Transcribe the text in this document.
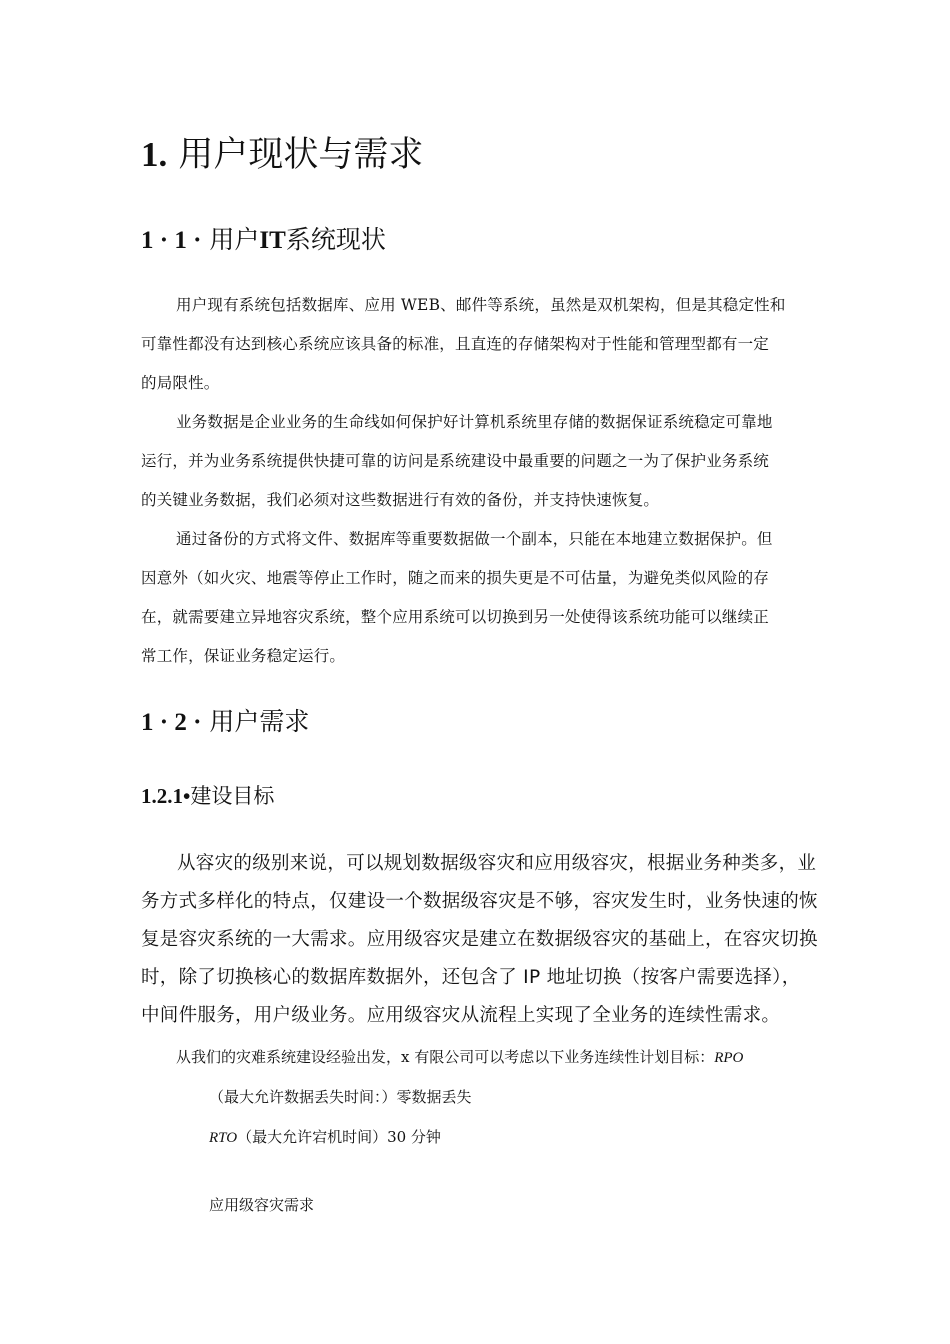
1. 用户现状与需求
1 · 1 · 用户IT系统现状
用户现有系统包括数据库、应用 WEB、邮件等系统，虽然是双机架构，但是其稳定性和
可靠性都没有达到核心系统应该具备的标准，且直连的存储架构对于性能和管理型都有一定
的局限性。
业务数据是企业业务的生命线如何保护好计算机系统里存储的数据保证系统稳定可靠地
运行，并为业务系统提供快捷可靠的访问是系统建设中最重要的问题之一为了保护业务系统
的关键业务数据，我们必须对这些数据进行有效的备份，并支持快速恢复。
通过备份的方式将文件、数据库等重要数据做一个副本，只能在本地建立数据保护。但
因意外（如火灾、地震等停止工作时，随之而来的损失更是不可估量，为避免类似风险的存
在，就需要建立异地容灾系统，整个应用系统可以切换到另一处使得该系统功能可以继续正
常工作，保证业务稳定运行。
1 · 2 · 用户需求
1.2.1•建设目标
从容灾的级别来说，可以规划数据级容灾和应用级容灾，根据业务种类多，业
务方式多样化的特点，仅建设一个数据级容灾是不够，容灾发生时，业务快速的恢
复是容灾系统的一大需求。应用级容灾是建立在数据级容灾的基础上，在容灾切换
时，除了切换核心的数据库数据外，还包含了 IP 地址切换（按客户需要选择），
中间件服务，用户级业务。应用级容灾从流程上实现了全业务的连续性需求。
从我们的灾难系统建设经验出发，x 有限公司可以考虑以下业务连续性计划目标：RPO
（最大允许数据丢失时间：）零数据丢失
RTO（最大允许宕机时间）30 分钟
应用级容灾需求
